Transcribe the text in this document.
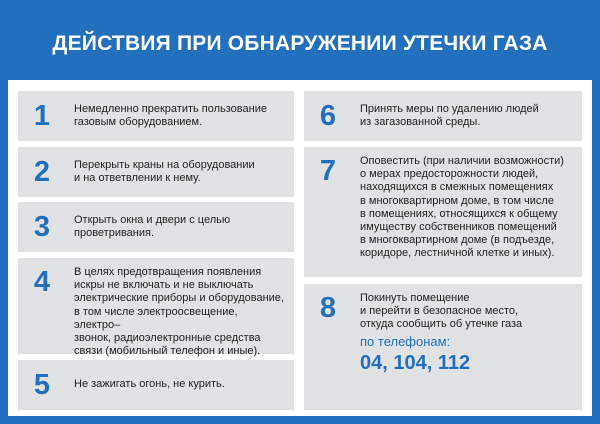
ДЕЙСТВИЯ ПРИ ОБНАРУЖЕНИИ УТЕЧКИ ГАЗА
1	Немедленно прекратить пользование
газовым оборудованием.
2	Перекрыть краны на оборудовании
и на ответвлении к нему.
3	Открыть окна и двери с целью
проветривания.
4	В целях предотвращения появления
искры не включать и не выключать
электрические приборы и оборудование,
в том числе электроосвещение, электро–
звонок, радиоэлектронные средства
связи (мобильный телефон и иные).
5	Не зажигать огонь, не курить.
6	Принять меры по удалению людей
из загазованной среды.
7	Оповестить (при наличии возможности)
о мерах предосторожности людей,
находящихся в смежных помещениях
в многоквартирном доме, в том числе
в помещениях, относящихся к общему
имуществу собственников помещений
в многоквартирном доме (в подъезде,
коридоре, лестничной клетке и иных).
8	Покинуть помещение
и перейти в безопасное место,
откуда сообщить об утечке газа
по телефонам:
04, 104, 112
